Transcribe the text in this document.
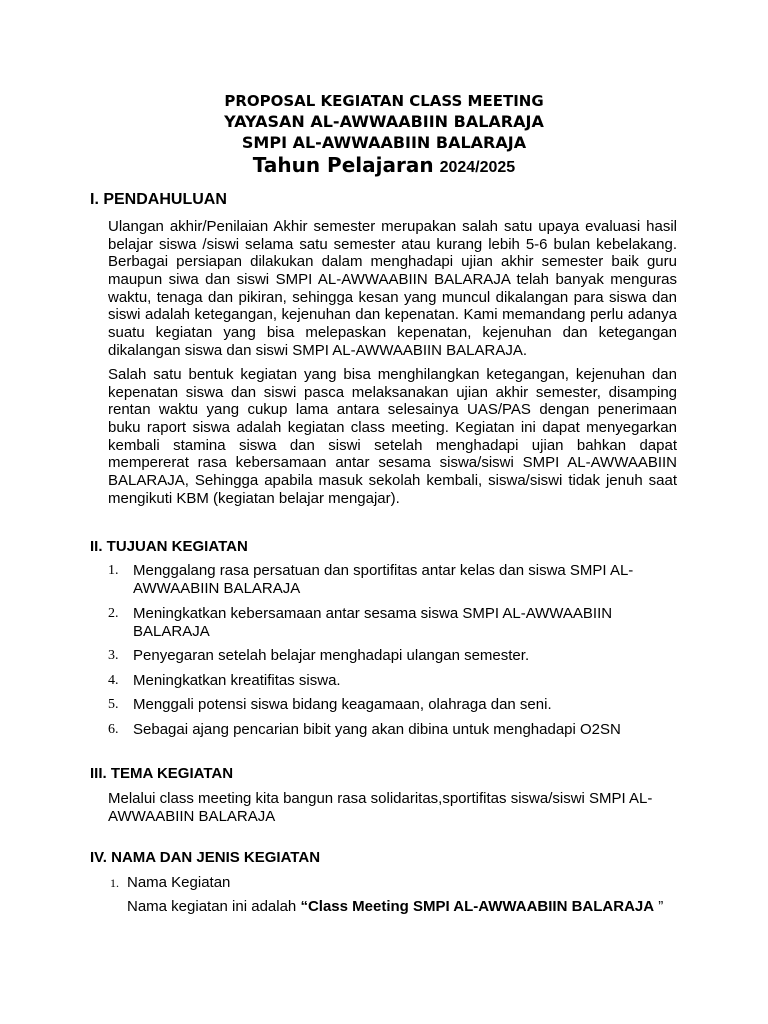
PROPOSAL KEGIATAN CLASS MEETING
YAYASAN AL-AWWAABIIN BALARAJA
SMPI AL-AWWAABIIN BALARAJA
Tahun Pelajaran 2024/2025
I. PENDAHULUAN
Ulangan akhir/Penilaian Akhir semester merupakan salah satu upaya evaluasi hasil
belajar siswa /siswi selama satu semester atau kurang lebih 5-6 bulan kebelakang.
Berbagai persiapan dilakukan dalam menghadapi ujian akhir semester baik guru
maupun siwa dan siswi SMPI AL-AWWAABIIN BALARAJA telah banyak menguras
waktu, tenaga dan pikiran, sehingga kesan yang muncul dikalangan para siswa dan
siswi adalah ketegangan, kejenuhan dan kepenatan. Kami memandang perlu adanya
suatu kegiatan yang bisa melepaskan kepenatan, kejenuhan dan ketegangan
dikalangan siswa dan siswi SMPI AL-AWWAABIIN BALARAJA.
Salah satu bentuk kegiatan yang bisa menghilangkan ketegangan, kejenuhan dan
kepenatan siswa dan siswi pasca melaksanakan ujian akhir semester, disamping
rentan waktu yang cukup lama antara selesainya UAS/PAS dengan penerimaan
buku raport siswa adalah kegiatan class meeting. Kegiatan ini dapat menyegarkan
kembali stamina siswa dan siswi setelah menghadapi ujian bahkan dapat
mempererat rasa kebersamaan antar sesama siswa/siswi SMPI AL-AWWAABIIN
BALARAJA, Sehingga apabila masuk sekolah kembali, siswa/siswi tidak jenuh saat
mengikuti KBM (kegiatan belajar mengajar).
II. TUJUAN KEGIATAN
1. Menggalang rasa persatuan dan sportifitas antar kelas dan siswa SMPI AL-AWWAABIIN BALARAJA
2. Meningkatkan kebersamaan antar sesama siswa SMPI AL-AWWAABIIN BALARAJA
3. Penyegaran setelah belajar menghadapi ulangan semester.
4. Meningkatkan kreatifitas siswa.
5. Menggali potensi siswa bidang keagamaan, olahraga dan seni.
6. Sebagai ajang pencarian bibit yang akan dibina untuk menghadapi O2SN
III. TEMA KEGIATAN
Melalui class meeting kita bangun rasa solidaritas,sportifitas siswa/siswi SMPI AL-AWWAABIIN BALARAJA
IV. NAMA DAN JENIS KEGIATAN
1. Nama Kegiatan
Nama kegiatan ini adalah “Class Meeting SMPI AL-AWWAABIIN BALARAJA ”
